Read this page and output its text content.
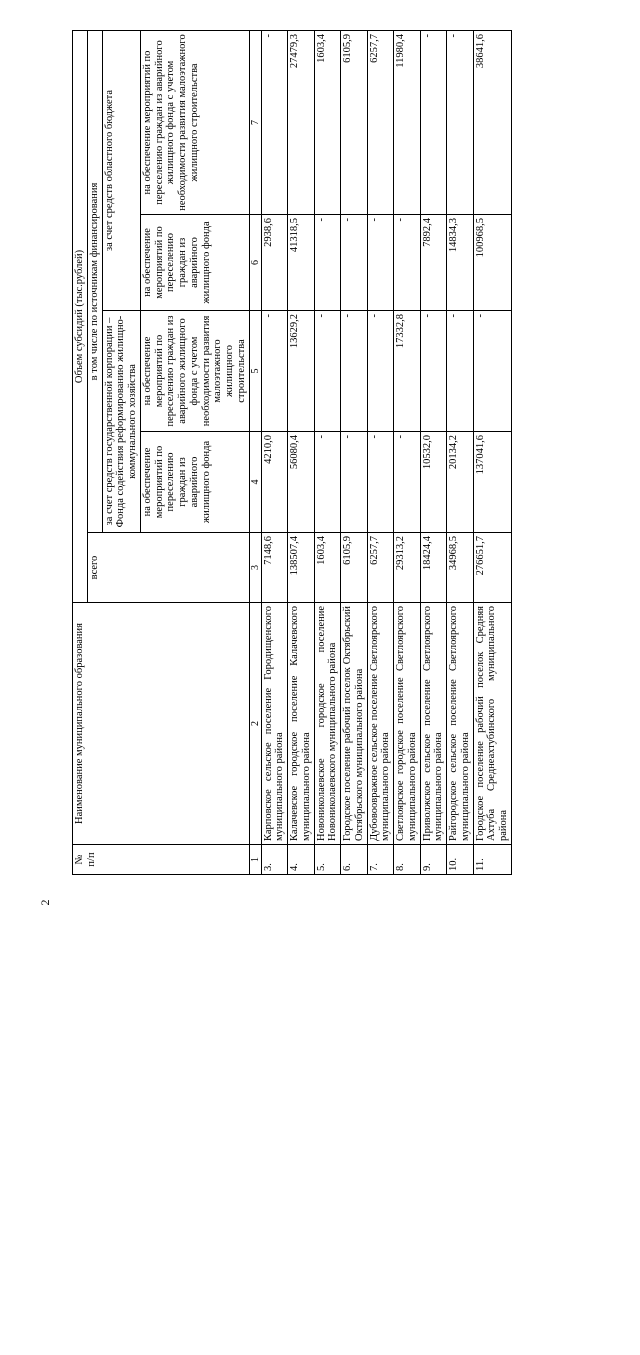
2
№
п/п	Наименование муниципального образования	Объем субсидий (тыс.рублей)				
		всего	в том числе по источникам финансирования			
			за счет средств государственной корпорации – Фонда содействия реформированию жилищно-коммунального хозяйства		за счет средств областного бюджета	
			на обеспечение мероприятий по переселению граждан из аварийного жилищного фонда	на обеспечение мероприятий по переселению граждан из аварийного жилищного фонда с учетом необходимости развития малоэтажного жилищного строительства	на обеспечение мероприятий по переселению граждан из аварийного жилищного фонда	на обеспечение мероприятий по переселению граждан из аварийного жилищного фонда с учетом необходимости развития малоэтажного жилищного строительства
1	2	3	4	5	6	7
3.	Карповское сельское поселение Городищенского муниципального района	7148,6	4210,0	-	2938,6	-
4.	Калачевское городское поселение Калачевского муниципального района	138507,4	56080,4	13629,2	41318,5	27479,3
5.	Новониколаевское городское поселение Новониколаевского муниципального района	1603,4	-	-	-	1603,4
6.	Городское поселение рабочий поселок Октябрьский Октябрьского муниципального района	6105,9	-	-	-	6105,9
7.	Дубовоовражное сельское поселение Светлоярского муниципального района	6257,7	-	-	-	6257,7
8.	Светлоярское городское поселение Светлоярского муниципального района	29313,2	-	17332,8	-	11980,4
9.	Приволжское сельское поселение Светлоярского муниципального района	18424,4	10532,0	-	7892,4	-
10.	Райгородское сельское поселение Светлоярского муниципального района	34968,5	20134,2	-	14834,3	-
11.	Городское поселение рабочий поселок Средняя Ахтуба Среднеахтубинского муниципального района	276651,7	137041,6	-	100968,5	38641,6
